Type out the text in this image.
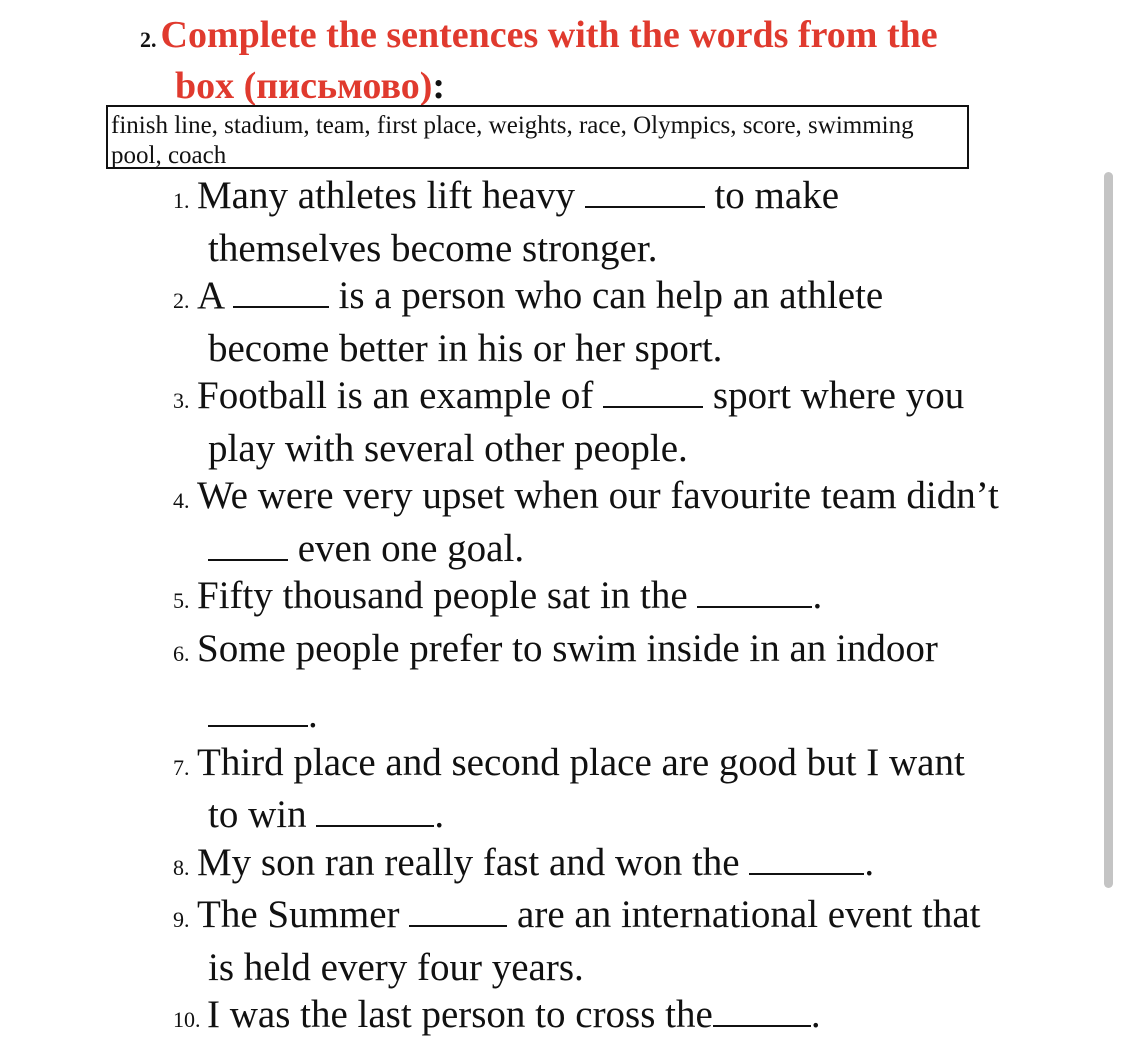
2. Complete the sentences with the words from the
box (письмово):
finish line, stadium, team, first place, weights, race, Olympics, score, swimming
pool, coach
1. Many athletes lift heavy	to make
themselves become stronger.
2. A  is a person who can help an athlete
become better in his or her sport.
3. Football is an example of	sport where you
play with several other people.
4. We were very upset when our favourite team didn’t
even one goal.
5. Fifty thousand people sat in the	.
6. Some people prefer to swim inside in an indoor
.
7. Third place and second place are good but I want
to win	.
8. My son ran really fast and won the	.
9. The Summer	are an international event that
is held every four years.
10. I was the last person to cross the	.
